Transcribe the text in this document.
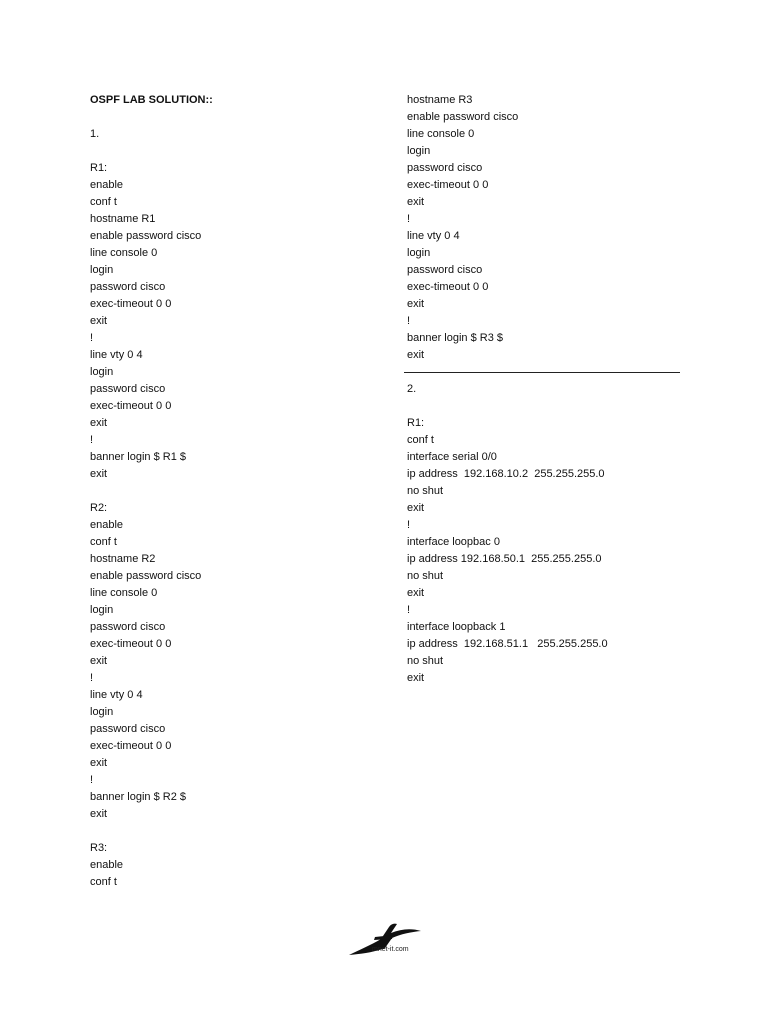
OSPF LAB SOLUTION::
1.
R1:
enable
conf t
hostname R1
enable password cisco
line console 0
login
password cisco
exec-timeout 0 0
exit
!
line vty 0 4
login
password cisco
exec-timeout 0 0
exit
!
banner login $ R1 $
exit
R2:
enable
conf t
hostname R2
enable password cisco
line console 0
login
password cisco
exec-timeout 0 0
exit
!
line vty 0 4
login
password cisco
exec-timeout 0 0
exit
!
banner login $ R2 $
exit
R3:
enable
conf t
hostname R3
enable password cisco
line console 0
login
password cisco
exec-timeout 0 0
exit
!
line vty 0 4
login
password cisco
exec-timeout 0 0
exit
!
banner login $ R3 $
exit
2.
R1:
conf t
interface serial 0/0
ip address  192.168.10.2  255.255.255.0
no shut
exit
!
interface loopbac 0
ip address 192.168.50.1  255.255.255.0
no shut
exit
!
interface loopback 1
ip address  192.168.51.1   255.255.255.0
no shut
exit
mnet-it.com
